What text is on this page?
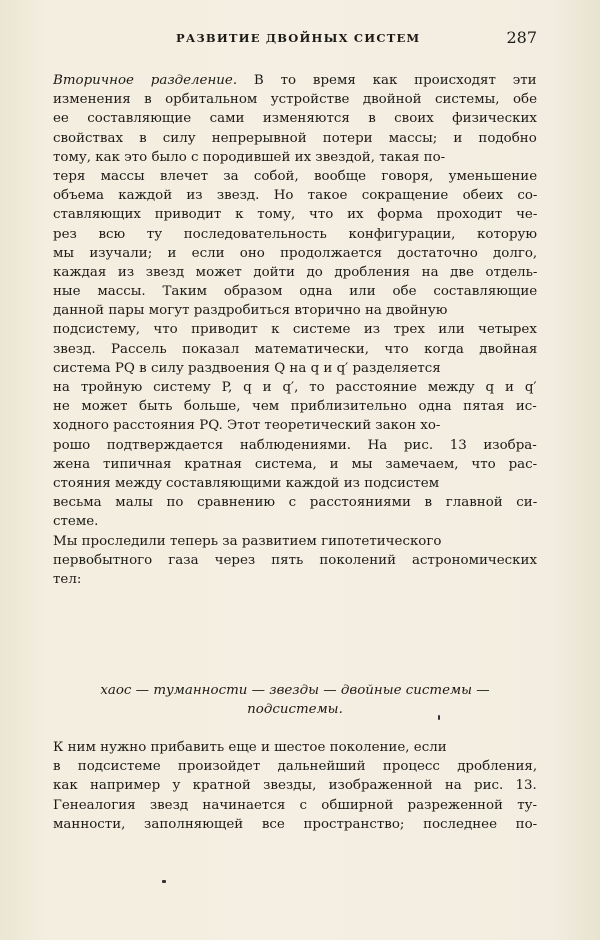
РАЗВИТИЕ ДВОЙНЫХ СИСТЕМ	287
Вторичное разделение. В то время как происходят эти
изменения в орбитальном устройстве двойной системы, обе
ее составляющие сами изменяются в своих физических
свойствах в силу непрерывной потери массы; и подобно
тому, как это было с породившей их звездой, такая по-
теря массы влечет за собой, вообще говоря, уменьшение
объема каждой из звезд. Но такое сокращение обеих со-
ставляющих приводит к тому, что их форма проходит че-
рез всю ту последовательность конфигурации, которую
мы изучали; и если оно продолжается достаточно долго,
каждая из звезд может дойти до дробления на две отдель-
ные массы. Таким образом одна или обе составляющие
данной пары могут раздробиться вторично на двойную
подсистему, что приводит к системе из трех или четырех
звезд. Рассель показал математически, что когда двойная
система PQ в силу раздвоения Q на q и q′ разделяется
на тройную систему P, q и q′, то расстояние между q и q′
не может быть больше, чем приблизительно одна пятая ис-
ходного расстояния PQ. Этот теоретический закон хо-
рошо подтверждается наблюдениями. На рис. 13 изобра-
жена типичная кратная система, и мы замечаем, что рас-
стояния между составляющими каждой из подсистем
весьма малы по сравнению с расстояниями в главной си-
стеме.
Мы проследили теперь за развитием гипотетического
первобытного газа через пять поколений астрономических
тел:
хаос — туманности — звезды — двойные системы —
подсистемы.
К ним нужно прибавить еще и шестое поколение, если
в подсистеме произойдет дальнейший процесс дробления,
как например у кратной звезды, изображенной на рис. 13.
Генеалогия звезд начинается с обширной разреженной ту-
манности, заполняющей все пространство; последнее по-
